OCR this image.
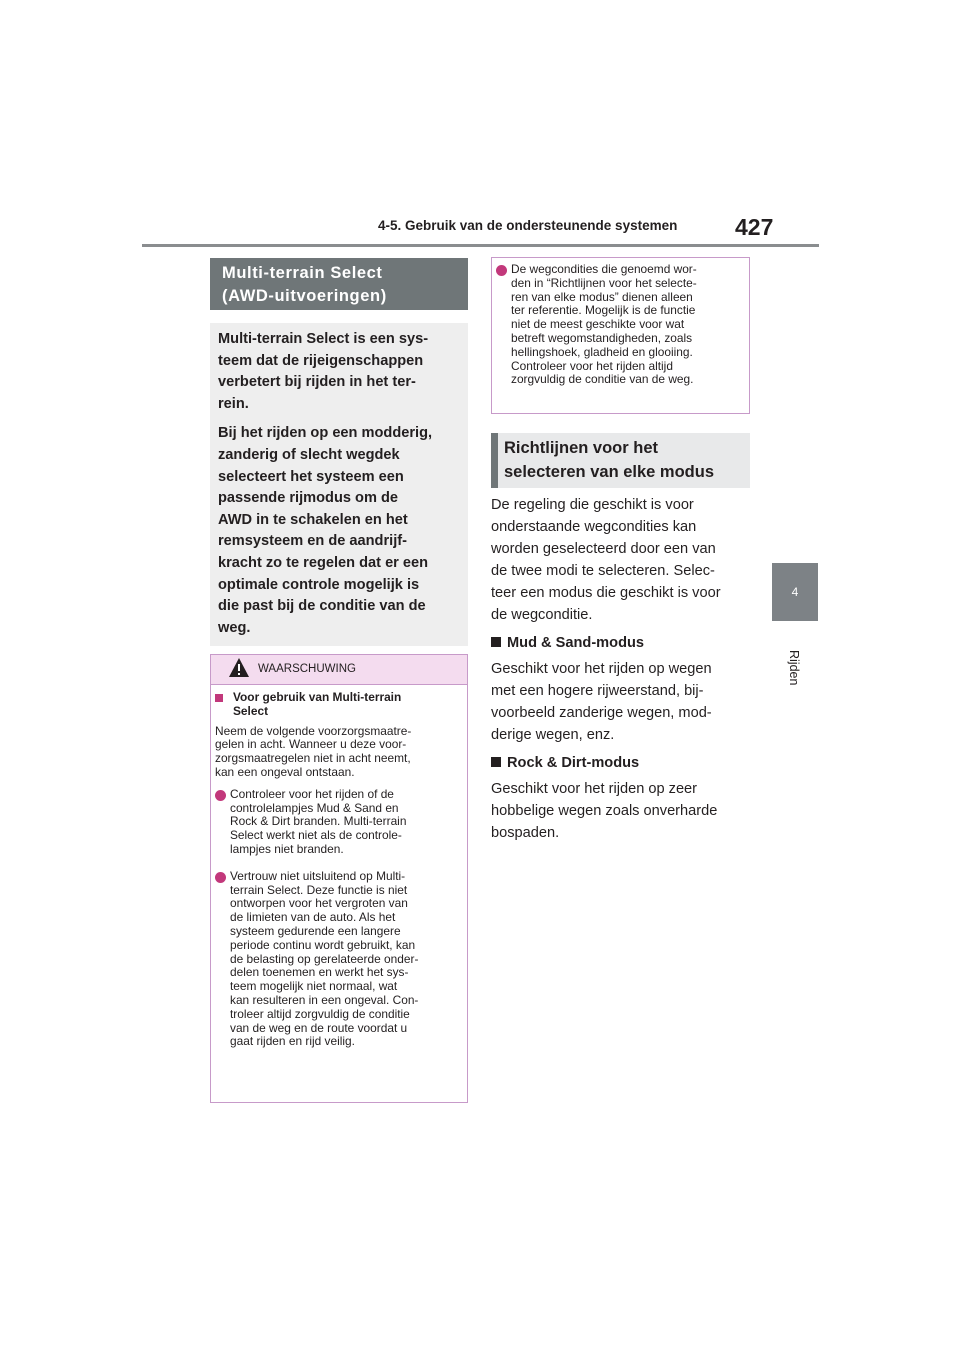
4-5. Gebruik van de ondersteunende systemen	427
4
Rijden
Multi-terrain Select
(AWD-uitvoeringen)

Multi-terrain Select is een sys-
teem dat de rijeigenschappen
verbetert bij rijden in het ter-
rein.

Bij het rijden op een modderig,
zanderig of slecht wegdek
selecteert het systeem een
passende rijmodus om de
AWD in te schakelen en het
remsysteem en de aandrijf-
kracht zo te regelen dat er een
optimale controle mogelijk is
die past bij de conditie van de
weg.

WAARSCHUWING
Voor gebruik van Multi-terrain
Select
Neem de volgende voorzorgsmaatre-
gelen in acht. Wanneer u deze voor-
zorgsmaatregelen niet in acht neemt,
kan een ongeval ontstaan.
Controleer voor het rijden of de
controlelampjes Mud & Sand en
Rock & Dirt branden. Multi-terrain
Select werkt niet als de controle-
lampjes niet branden.
Vertrouw niet uitsluitend op Multi-
terrain Select. Deze functie is niet
ontworpen voor het vergroten van
de limieten van de auto. Als het
systeem gedurende een langere
periode continu wordt gebruikt, kan
de belasting op gerelateerde onder-
delen toenemen en werkt het sys-
teem mogelijk niet normaal, wat
kan resulteren in een ongeval. Con-
troleer altijd zorgvuldig de conditie
van de weg en de route voordat u
gaat rijden en rijd veilig.
De wegcondities die genoemd wor-
den in “Richtlijnen voor het selecte-
ren van elke modus” dienen alleen
ter referentie. Mogelijk is de functie
niet de meest geschikte voor wat
betreft wegomstandigheden, zoals
hellingshoek, gladheid en glooiing.
Controleer voor het rijden altijd
zorgvuldig de conditie van de weg.
Richtlijnen voor het
selecteren van elke modus
De regeling die geschikt is voor
onderstaande wegcondities kan
worden geselecteerd door een van
de twee modi te selecteren. Selec-
teer een modus die geschikt is voor
de wegconditie.
Mud & Sand-modus
Geschikt voor het rijden op wegen
met een hogere rijweerstand, bij-
voorbeeld zanderige wegen, mod-
derige wegen, enz.
Rock & Dirt-modus
Geschikt voor het rijden op zeer
hobbelige wegen zoals onverharde
bospaden.
